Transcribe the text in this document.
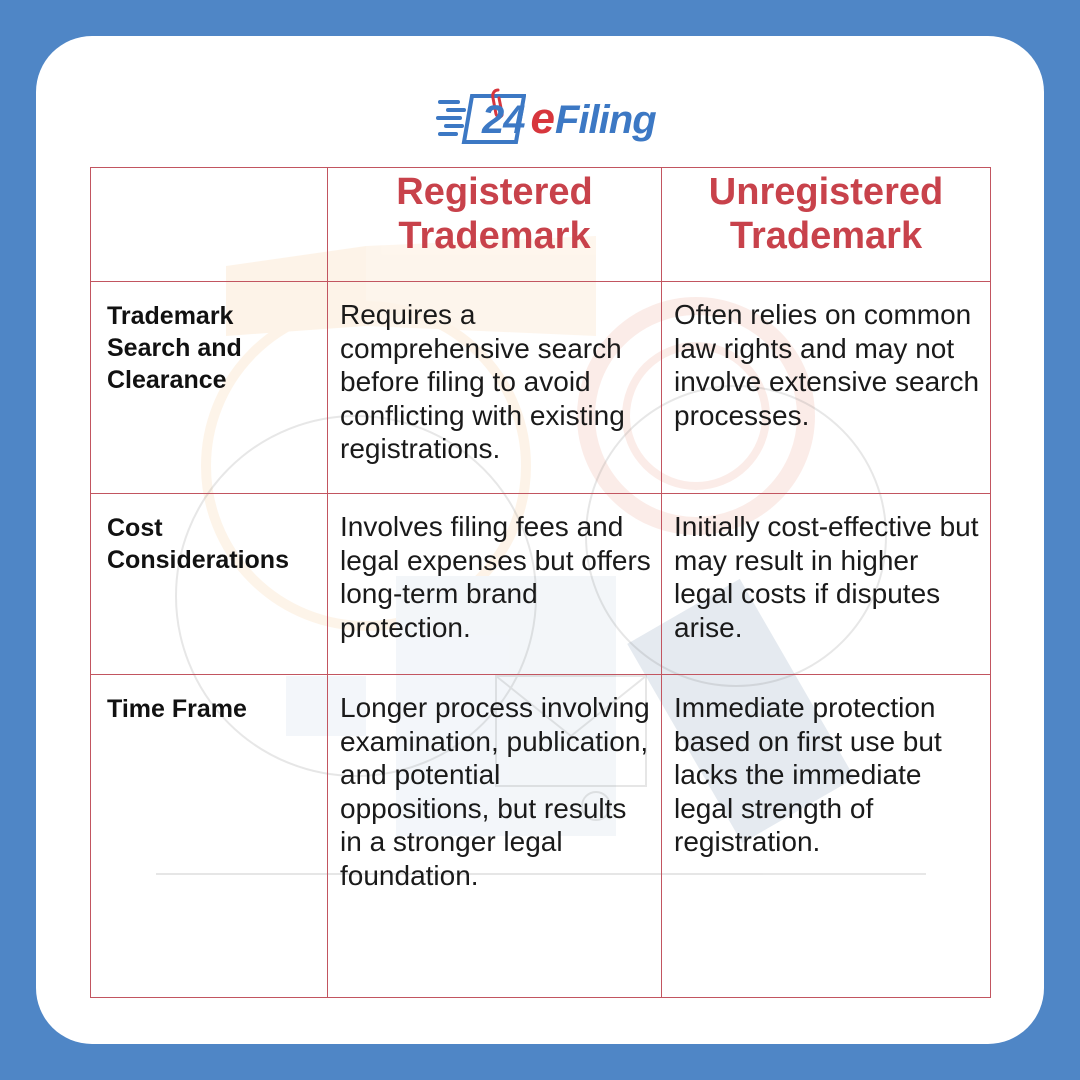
24 e Filing
	Registered Trademark	Unregistered Trademark
Trademark Search and Clearance	Requires a comprehensive search before filing to avoid conflicting with existing registrations.	Often relies on common law rights and may not involve extensive search processes.
Cost Considerations	Involves filing fees and legal expenses but offers long-term brand protection.	Initially cost-effective but may result in higher legal costs if disputes arise.
Time Frame	Longer process involving examination, publication, and potential oppositions, but results in a stronger legal foundation.	Immediate protection based on first use but lacks the immediate legal strength of registration.
